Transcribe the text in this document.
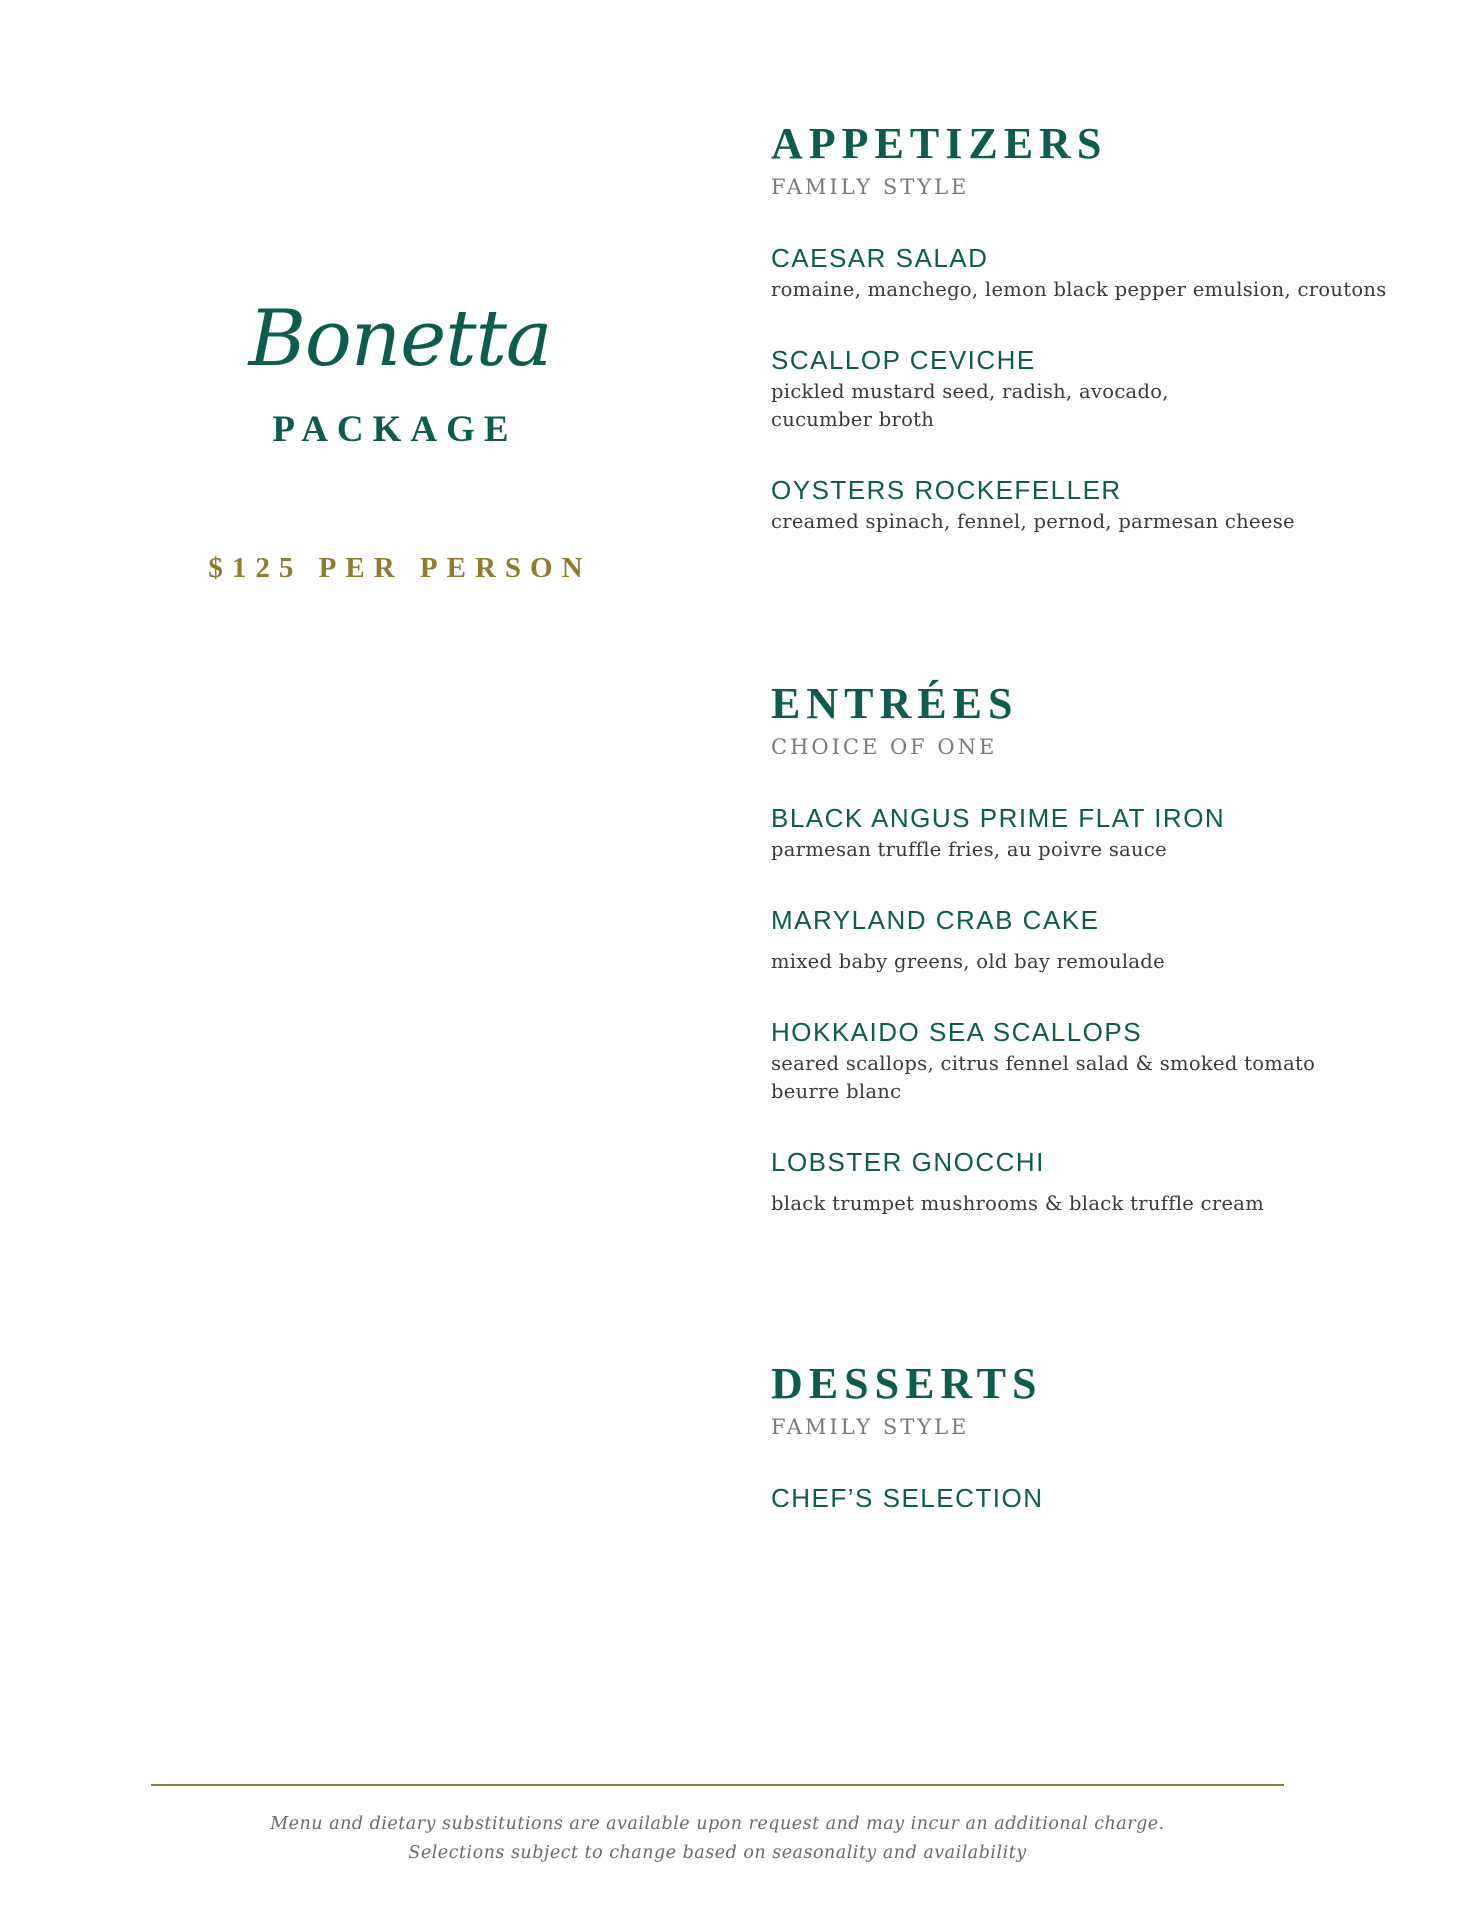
Bonetta
PACKAGE
$125 PER PERSON
APPETIZERS
FAMILY STYLE
CAESAR SALAD
romaine, manchego, lemon black pepper emulsion, croutons
SCALLOP CEVICHE
pickled mustard seed, radish, avocado, cucumber broth
OYSTERS ROCKEFELLER
creamed spinach, fennel, pernod, parmesan cheese
ENTRÉES
CHOICE OF ONE
BLACK ANGUS PRIME FLAT IRON
parmesan truffle fries, au poivre sauce
MARYLAND CRAB CAKE
mixed baby greens, old bay remoulade
HOKKAIDO SEA SCALLOPS
seared scallops, citrus fennel salad & smoked tomato beurre blanc
LOBSTER GNOCCHI
black trumpet mushrooms & black truffle cream
DESSERTS
FAMILY STYLE
CHEF’S SELECTION
Menu and dietary substitutions are available upon request and may incur an additional charge.
Selections subject to change based on seasonality and availability
